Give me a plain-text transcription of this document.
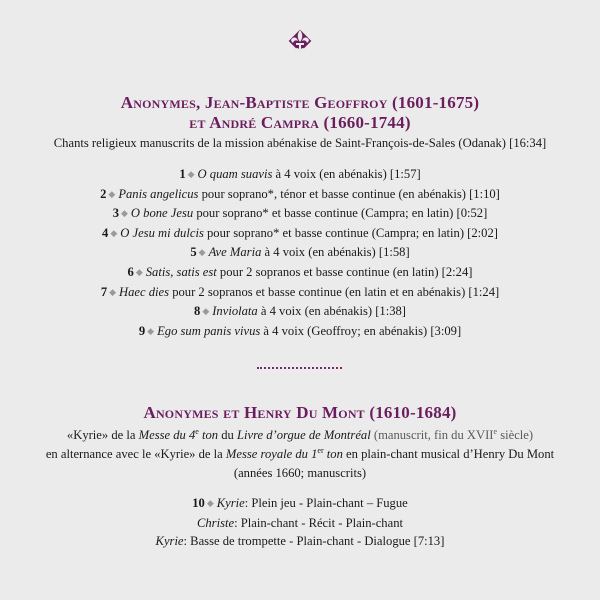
Anonymes, Jean-Baptiste Geoffroy (1601-1675)
et André Campra (1660-1744)
Chants religieux manuscrits de la mission abénakise de Saint-François-de-Sales (Odanak) [16:34]
1 ◆ O quam suavis à 4 voix (en abénakis) [1:57]
2 ◆ Panis angelicus pour soprano*, ténor et basse continue (en abénakis) [1:10]
3 ◆ O bone Jesu pour soprano* et basse continue (Campra; en latin) [0:52]
4 ◆ O Jesu mi dulcis pour soprano* et basse continue (Campra; en latin) [2:02]
5 ◆ Ave Maria à 4 voix (en abénakis) [1:58]
6 ◆ Satis, satis est pour 2 sopranos et basse continue (en latin) [2:24]
7 ◆ Haec dies pour 2 sopranos et basse continue (en latin et en abénakis) [1:24]
8 ◆ Inviolata à 4 voix (en abénakis) [1:38]
9 ◆ Ego sum panis vivus à 4 voix (Geoffroy; en abénakis) [3:09]
Anonymes et Henry Du Mont (1610-1684)
«Kyrie» de la Messe du 4e ton du Livre d’orgue de Montréal (manuscrit, fin du XVIIe siècle)
en alternance avec le «Kyrie» de la Messe royale du 1er ton en plain-chant musical d’Henry Du Mont
(années 1660; manuscrits)
10 ◆ Kyrie: Plein jeu - Plain-chant – Fugue
Christe: Plain-chant - Récit - Plain-chant
Kyrie: Basse de trompette - Plain-chant - Dialogue [7:13]
